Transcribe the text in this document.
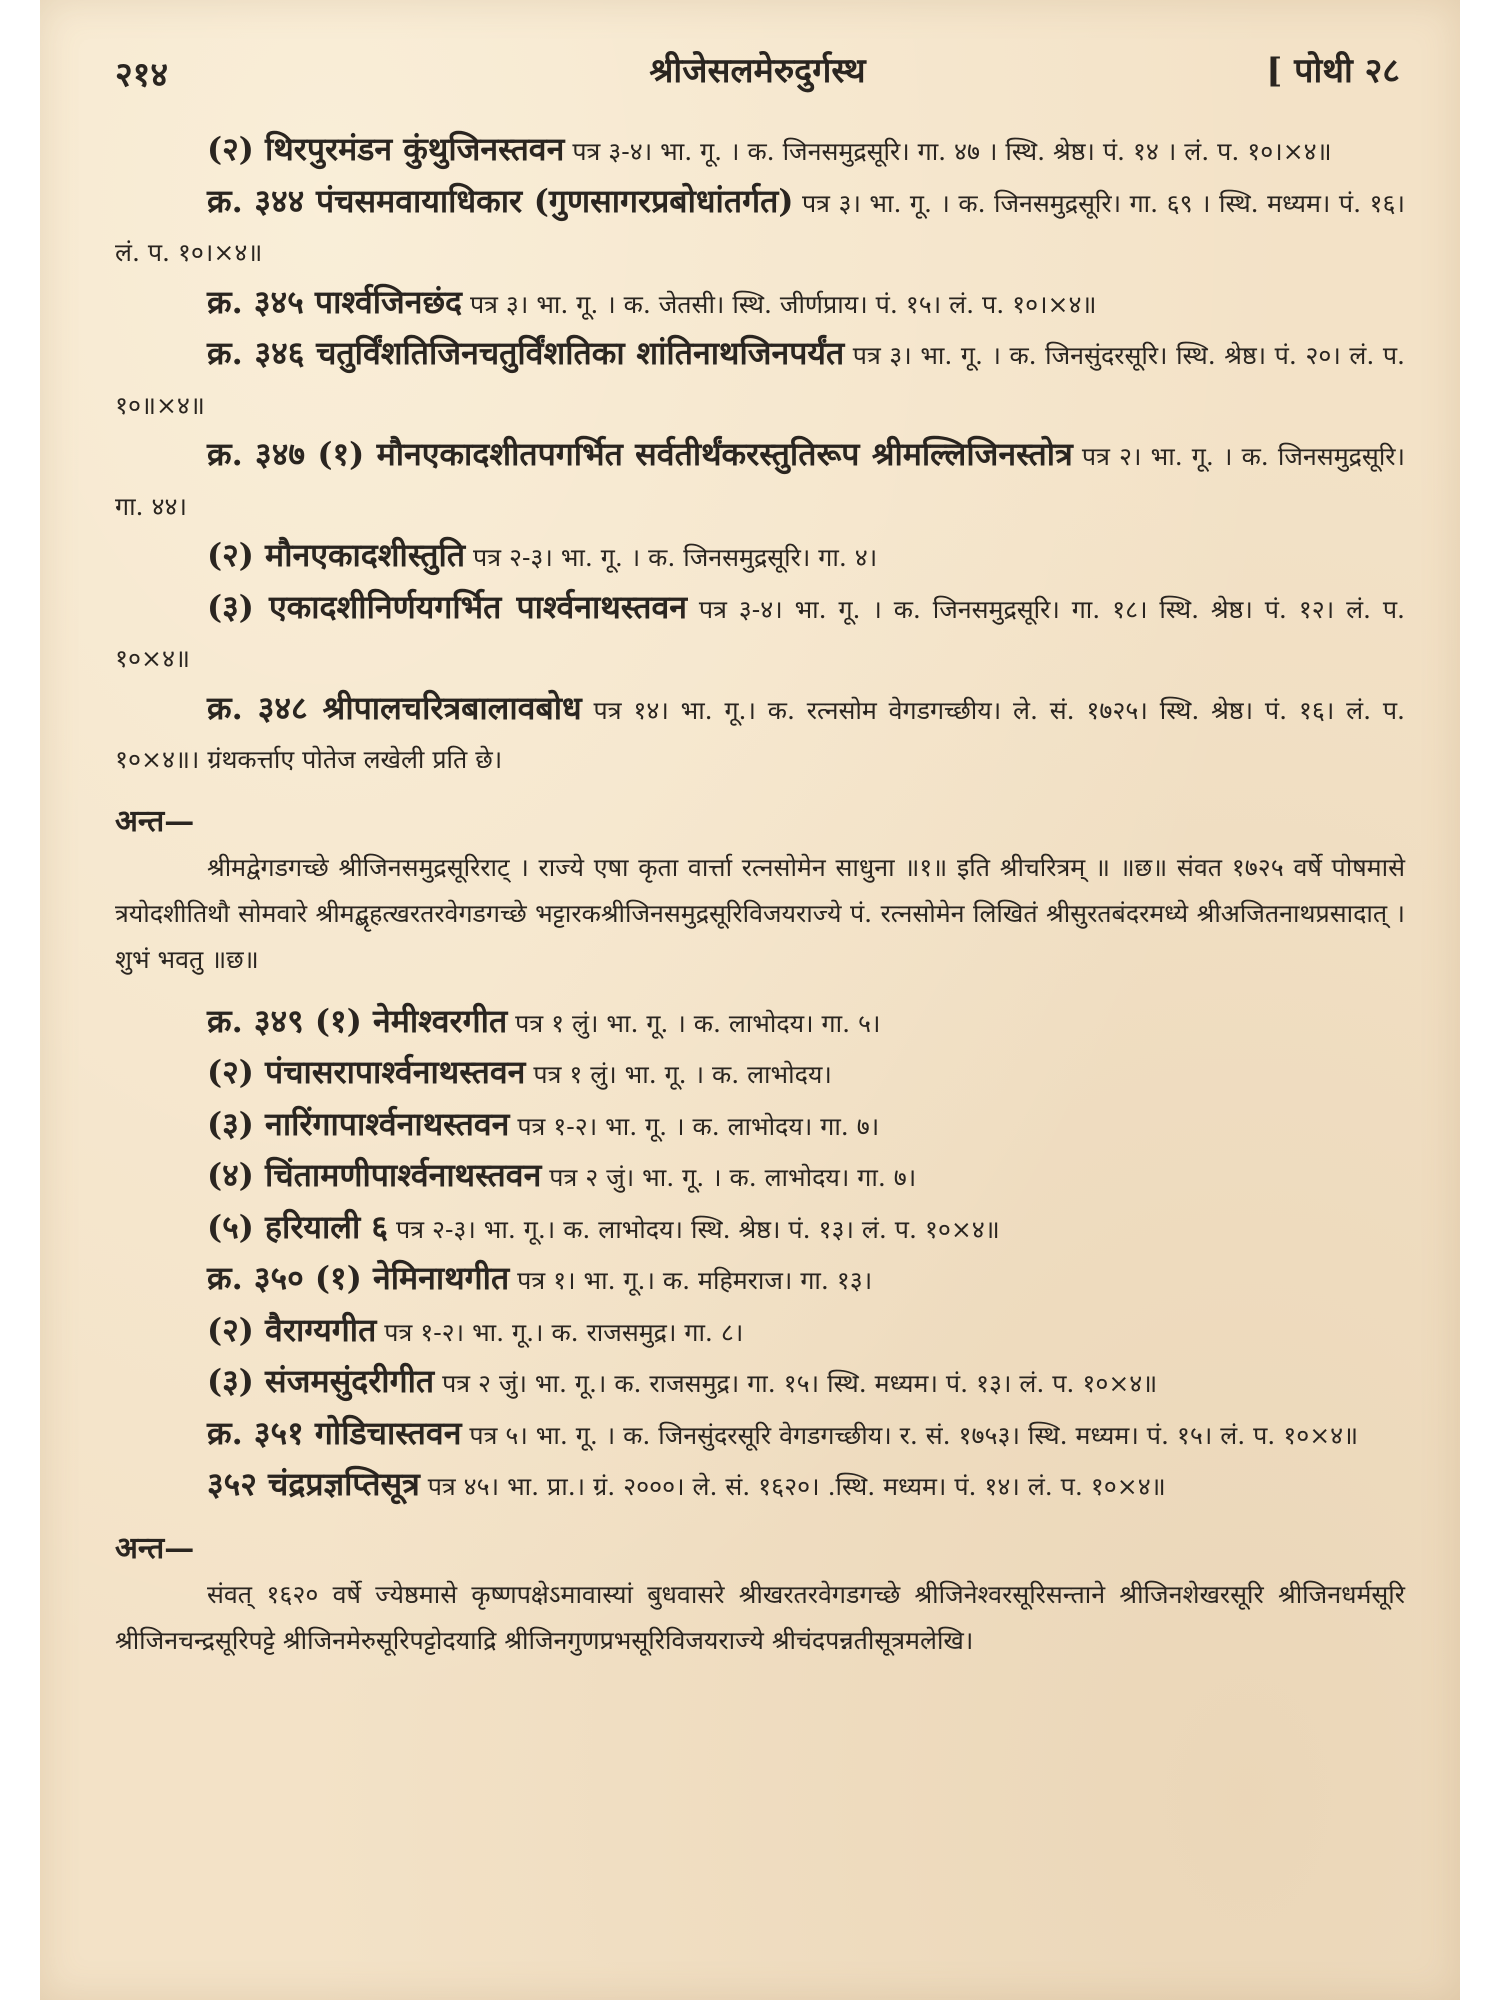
२१४	श्रीजेसलमेरुदुर्गस्थ	[ पोथी २८

(२) थिरपुरमंडन कुंथुजिनस्तवन पत्र ३-४। भा. गू. । क. जिनसमुद्रसूरि। गा. ४७ । स्थि. श्रेष्ठ। पं. १४ । लं. प. १०।×४॥

क्र. ३४४ पंचसमवायाधिकार (गुणसागरप्रबोधांतर्गत) पत्र ३। भा. गू. । क. जिनसमुद्रसूरि। गा. ६९ । स्थि. मध्यम। पं. १६। लं. प. १०।×४॥

क्र. ३४५ पार्श्वजिनछंद पत्र ३। भा. गू. । क. जेतसी। स्थि. जीर्णप्राय। पं. १५। लं. प. १०।×४॥

क्र. ३४६ चतुर्विंशतिजिनचतुर्विंशतिका शांतिनाथजिनपर्यंत पत्र ३। भा. गू. । क. जिनसुंदरसूरि। स्थि. श्रेष्ठ। पं. २०। लं. प. १०॥×४॥

क्र. ३४७ (१) मौनएकादशीतपगर्भित सर्वतीर्थंकरस्तुतिरूप श्रीमल्लिजिनस्तोत्र पत्र २। भा. गू. । क. जिनसमुद्रसूरि। गा. ४४।

(२) मौनएकादशीस्तुति पत्र २-३। भा. गू. । क. जिनसमुद्रसूरि। गा. ४।

(३) एकादशीनिर्णयगर्भित पार्श्वनाथस्तवन पत्र ३-४। भा. गू. । क. जिनसमुद्रसूरि। गा. १८। स्थि. श्रेष्ठ। पं. १२। लं. प. १०×४॥

क्र. ३४८ श्रीपालचरित्रबालावबोध पत्र १४। भा. गू.। क. रत्नसोम वेगडगच्छीय। ले. सं. १७२५। स्थि. श्रेष्ठ। पं. १६। लं. प. १०×४॥। ग्रंथकर्त्ताए पोतेज लखेली प्रति छे।

अन्त—

श्रीमद्वेगडगच्छे श्रीजिनसमुद्रसूरिराट् । राज्ये एषा कृता वार्त्ता रत्नसोमेन साधुना ॥१॥ इति श्रीचरित्रम् ॥ ॥छ॥ संवत १७२५ वर्षे पोषमासे त्रयोदशीतिथौ सोमवारे श्रीमद्बृहत्खरतरवेगडगच्छे भट्टारकश्रीजिनसमुद्रसूरिविजयराज्ये पं. रत्नसोमेन लिखितं श्रीसुरतबंदरमध्ये श्रीअजितनाथप्रसादात् । शुभं भवतु ॥छ॥

क्र. ३४९ (१) नेमीश्वरगीत पत्र १ लुं। भा. गू. । क. लाभोदय। गा. ५।

(२) पंचासरापार्श्वनाथस्तवन पत्र १ लुं। भा. गू. । क. लाभोदय।

(३) नारिंगापार्श्वनाथस्तवन पत्र १-२। भा. गू. । क. लाभोदय। गा. ७।

(४) चिंतामणीपार्श्वनाथस्तवन पत्र २ जुं। भा. गू. । क. लाभोदय। गा. ७।

(५) हरियाली ६ पत्र २-३। भा. गू.। क. लाभोदय। स्थि. श्रेष्ठ। पं. १३। लं. प. १०×४॥

क्र. ३५० (१) नेमिनाथगीत पत्र १। भा. गू.। क. महिमराज। गा. १३।

(२) वैराग्यगीत पत्र १-२। भा. गू.। क. राजसमुद्र। गा. ८।

(३) संजमसुंदरीगीत पत्र २ जुं। भा. गू.। क. राजसमुद्र। गा. १५। स्थि. मध्यम। पं. १३। लं. प. १०×४॥

क्र. ३५१ गोडिचास्तवन पत्र ५। भा. गू. । क. जिनसुंदरसूरि वेगडगच्छीय। र. सं. १७५३। स्थि. मध्यम। पं. १५। लं. प. १०×४॥

३५२ चंद्रप्रज्ञप्तिसूत्र पत्र ४५। भा. प्रा.। ग्रं. २०००। ले. सं. १६२०। .स्थि. मध्यम। पं. १४। लं. प. १०×४॥

अन्त—

संवत् १६२० वर्षे ज्येष्ठमासे कृष्णपक्षेऽमावास्यां बुधवासरे श्रीखरतरवेगडगच्छे श्रीजिनेश्वरसूरिसन्ताने श्रीजिनशेखरसूरि श्रीजिनधर्मसूरि श्रीजिनचन्द्रसूरिपट्टे श्रीजिनमेरुसूरिपट्टोदयाद्रि श्रीजिनगुणप्रभसूरिविजयराज्ये श्रीचंदपन्नतीसूत्रमलेखि।
